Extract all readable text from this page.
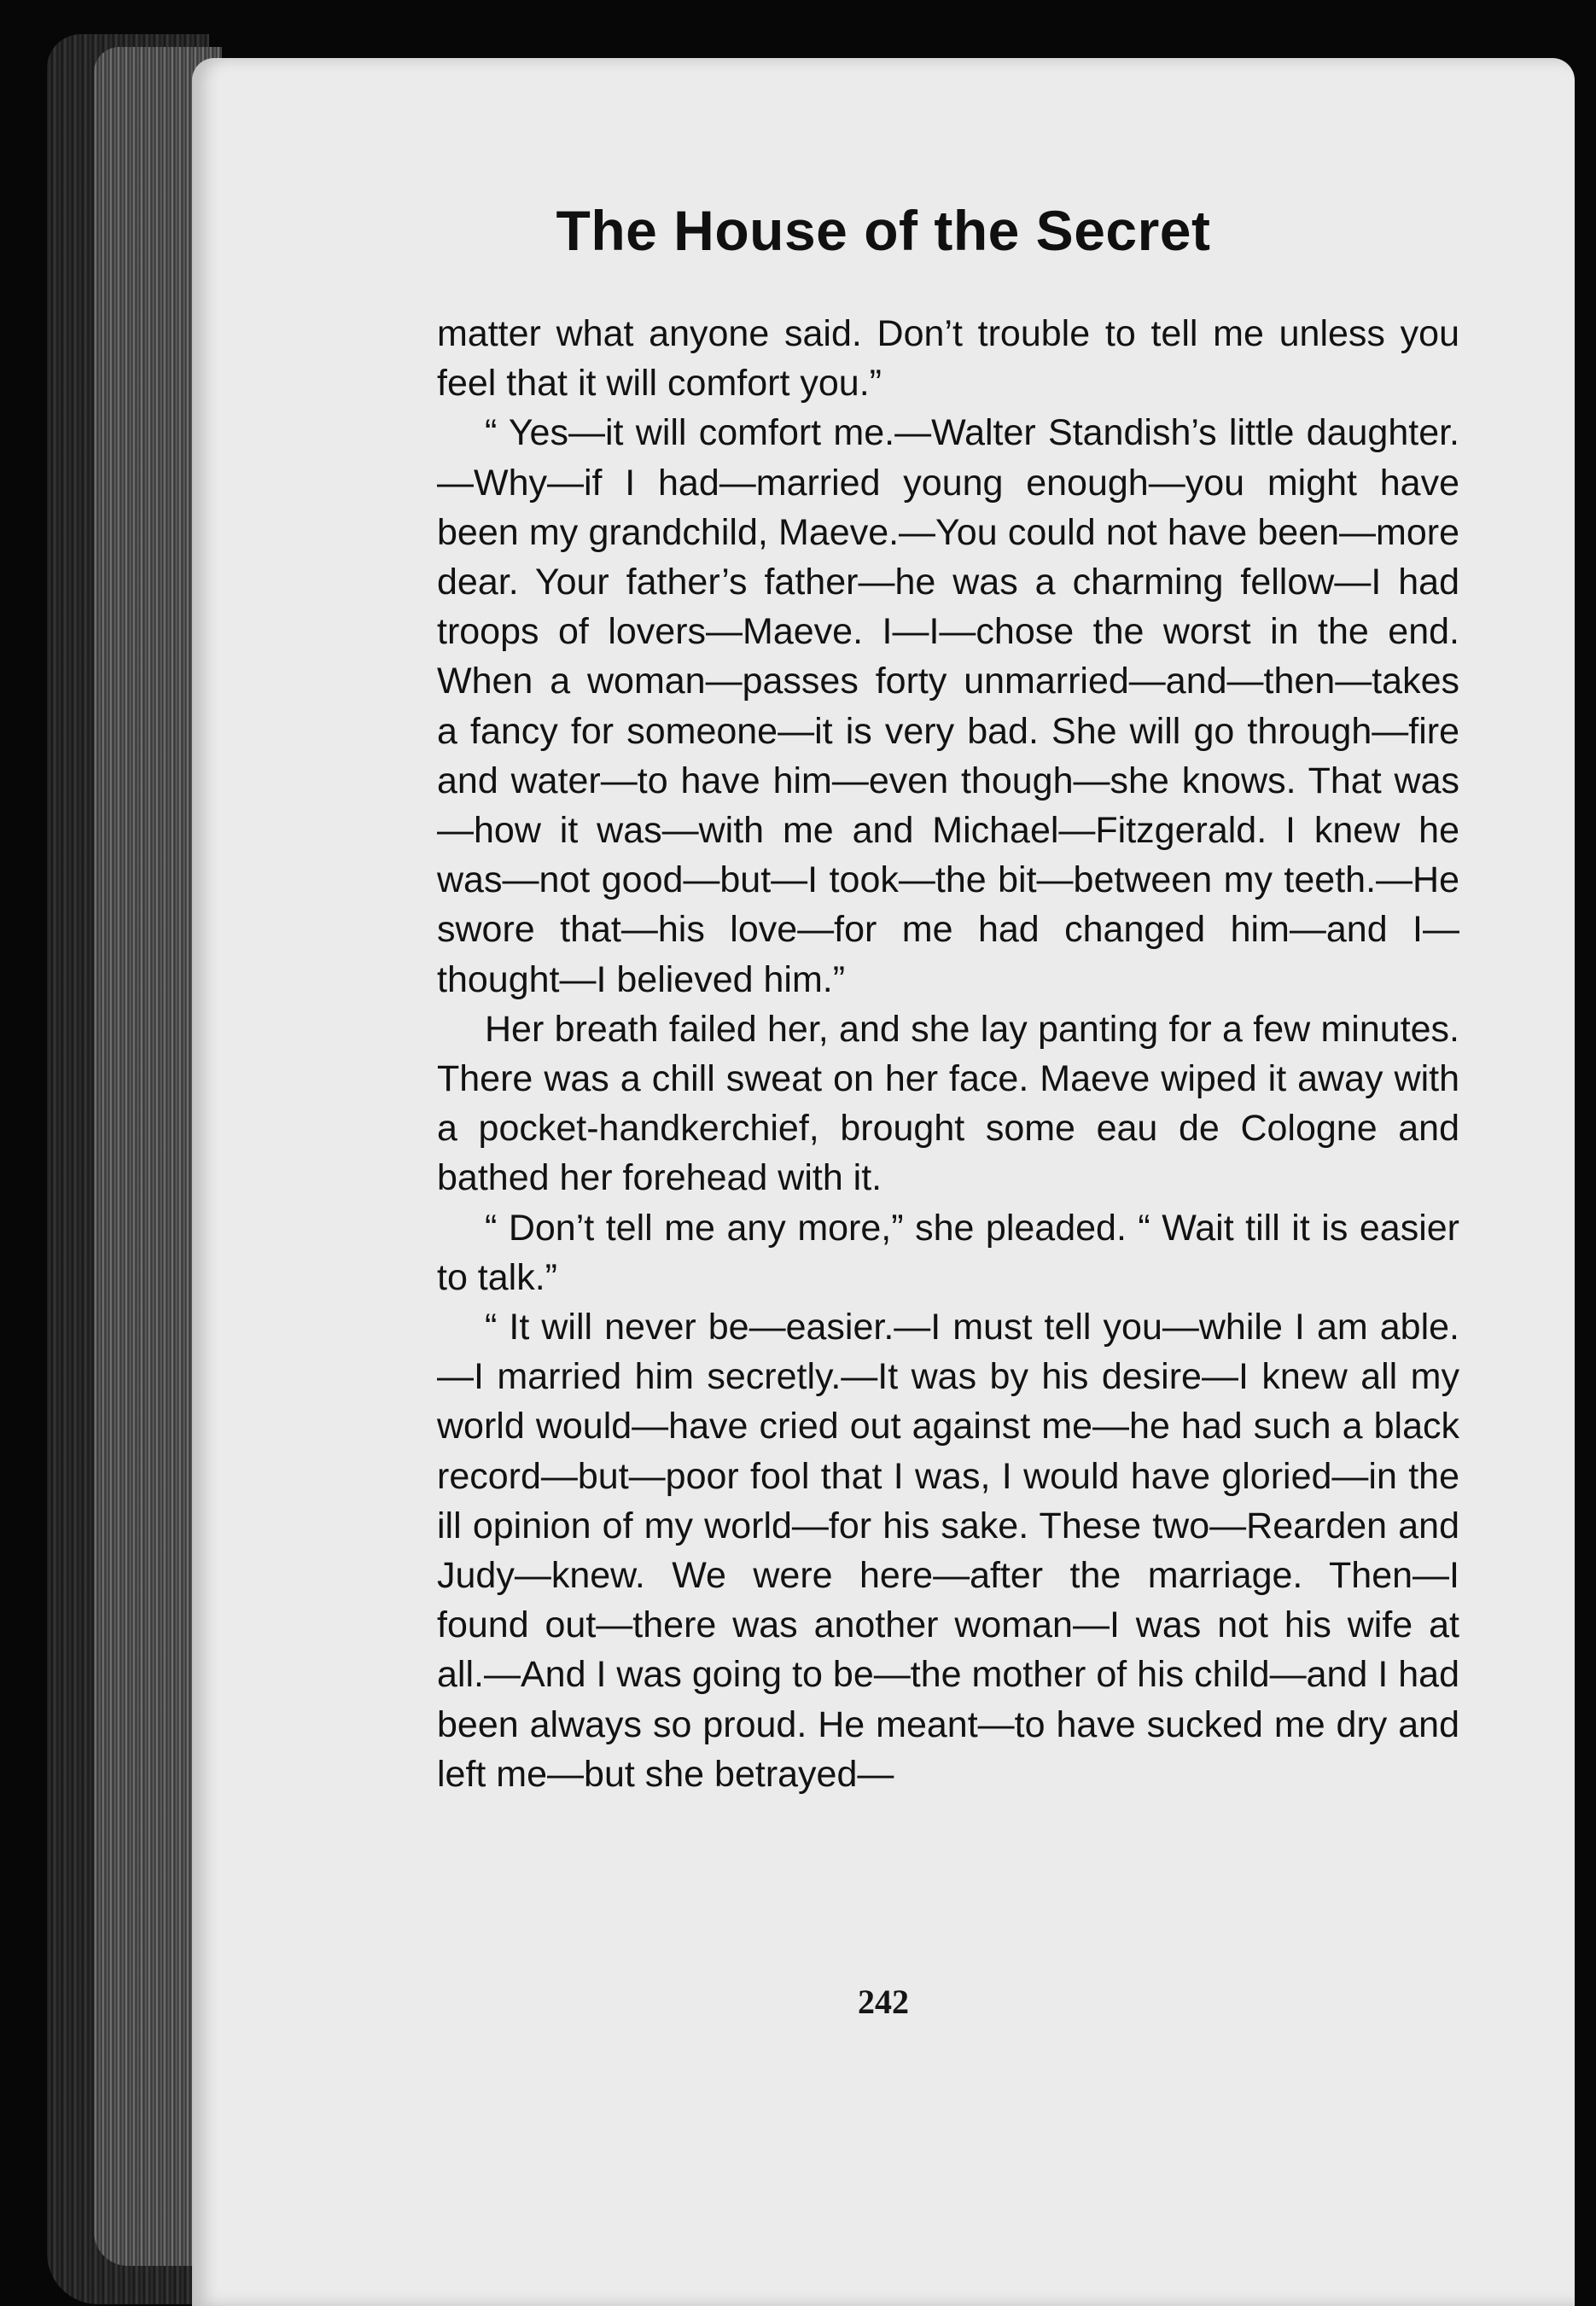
The House of the Secret

matter what anyone said. Don’t trouble to tell me unless you feel that it will comfort you.”

“ Yes—it will comfort me.—Walter Standish’s little daughter.—Why—if I had—married young enough—you might have been my grandchild, Maeve.—You could not have been—more dear. Your father’s father—he was a charming fellow—I had troops of lovers—Maeve. I—I—chose the worst in the end. When a woman—passes forty unmarried—and—then—takes a fancy for someone—it is very bad. She will go through—fire and water—to have him—even though—she knows. That was—how it was—with me and Michael—Fitzgerald. I knew he was—not good—but—I took—the bit—between my teeth.—He swore that—his love—for me had changed him—and I—thought—I believed him.”

Her breath failed her, and she lay panting for a few minutes. There was a chill sweat on her face. Maeve wiped it away with a pocket-handkerchief, brought some eau de Cologne and bathed her forehead with it.

“ Don’t tell me any more,” she pleaded. “ Wait till it is easier to talk.”

“ It will never be—easier.—I must tell you—while I am able.—I married him secretly.—It was by his desire—I knew all my world would—have cried out against me—he had such a black record—but—poor fool that I was, I would have gloried—in the ill opinion of my world—for his sake. These two—Rearden and Judy—knew. We were here—after the marriage. Then—I found out—there was another woman—I was not his wife at all.—And I was going to be—the mother of his child—and I had been always so proud. He meant—to have sucked me dry and left me—but she betrayed—

242
